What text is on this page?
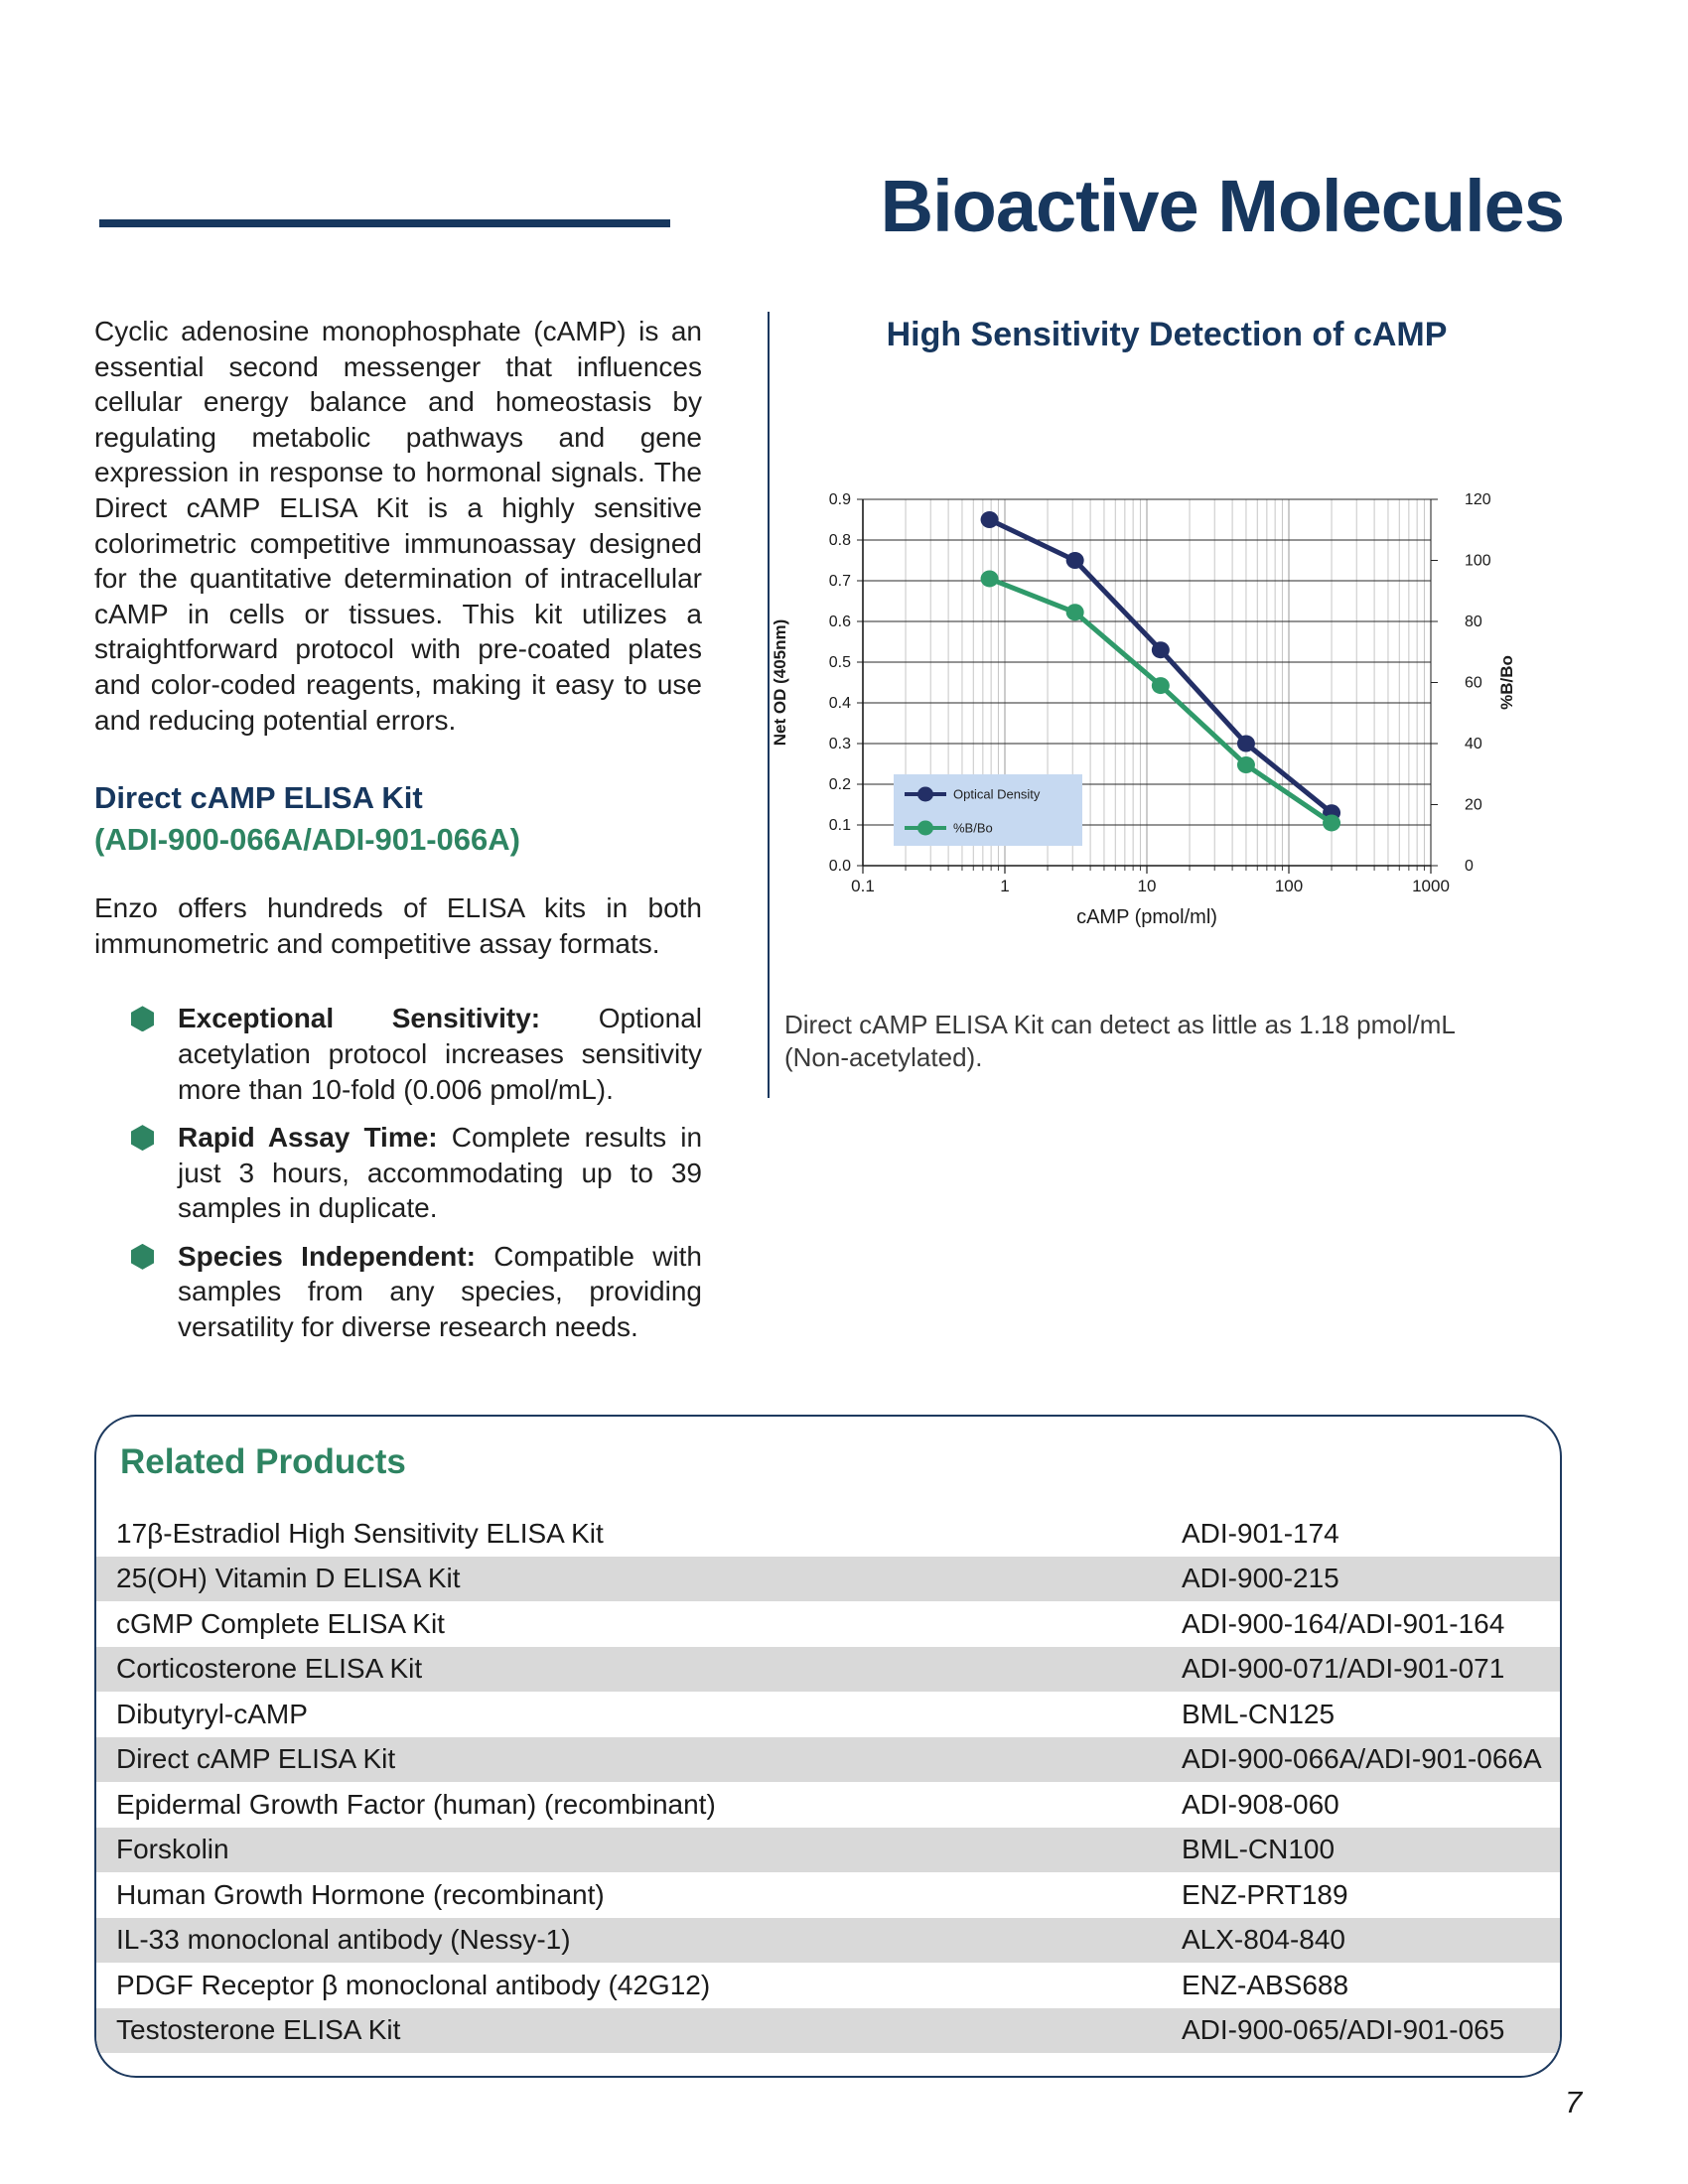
Bioactive Molecules

Cyclic adenosine monophosphate (cAMP) is an essential second messenger that influences cellular energy balance and homeostasis by regulating metabolic pathways and gene expression in response to hormonal signals. The Direct cAMP ELISA Kit is a highly sensitive colorimetric competitive immunoassay designed for the quantitative determination of intracellular cAMP in cells or tissues. This kit utilizes a straightforward protocol with pre-coated plates and color-coded reagents, making it easy to use and reducing potential errors.

Direct cAMP ELISA Kit
(ADI-900-066A/ADI-901-066A)

Enzo offers hundreds of ELISA kits in both immunometric and competitive assay formats.

Exceptional Sensitivity: Optional acetylation protocol increases sensitivity more than 10-fold (0.006 pmol/mL).
Rapid Assay Time: Complete results in just 3 hours, accommodating up to 39 samples in duplicate.
Species Independent: Compatible with samples from any species, providing versatility for diverse research needs.
High Sensitivity Detection of cAMP
0.0
0.1
0.2
0.3
0.4
0.5
0.6
0.7
0.8
0.9
0
20
40
60
80
100
120
0.1	1	10	100	1000
Net OD (405nm)	%B/Bo
cAMP (pmol/ml)
Optical Density
%B/Bo

Direct cAMP ELISA Kit can detect as little as 1.18 pmol/mL (Non-acetylated).

Related Products
17β-Estradiol High Sensitivity ELISA Kit	ADI-901-174
25(OH) Vitamin D ELISA Kit	ADI-900-215
cGMP Complete ELISA Kit	ADI-900-164/ADI-901-164
Corticosterone ELISA Kit	ADI-900-071/ADI-901-071
Dibutyryl-cAMP	BML-CN125
Direct cAMP ELISA Kit	ADI-900-066A/ADI-901-066A
Epidermal Growth Factor (human) (recombinant)	ADI-908-060
Forskolin	BML-CN100
Human Growth Hormone (recombinant)	ENZ-PRT189
IL-33 monoclonal antibody (Nessy-1)	ALX-804-840
PDGF Receptor β monoclonal antibody (42G12)	ENZ-ABS688
Testosterone ELISA Kit	ADI-900-065/ADI-901-065
7
